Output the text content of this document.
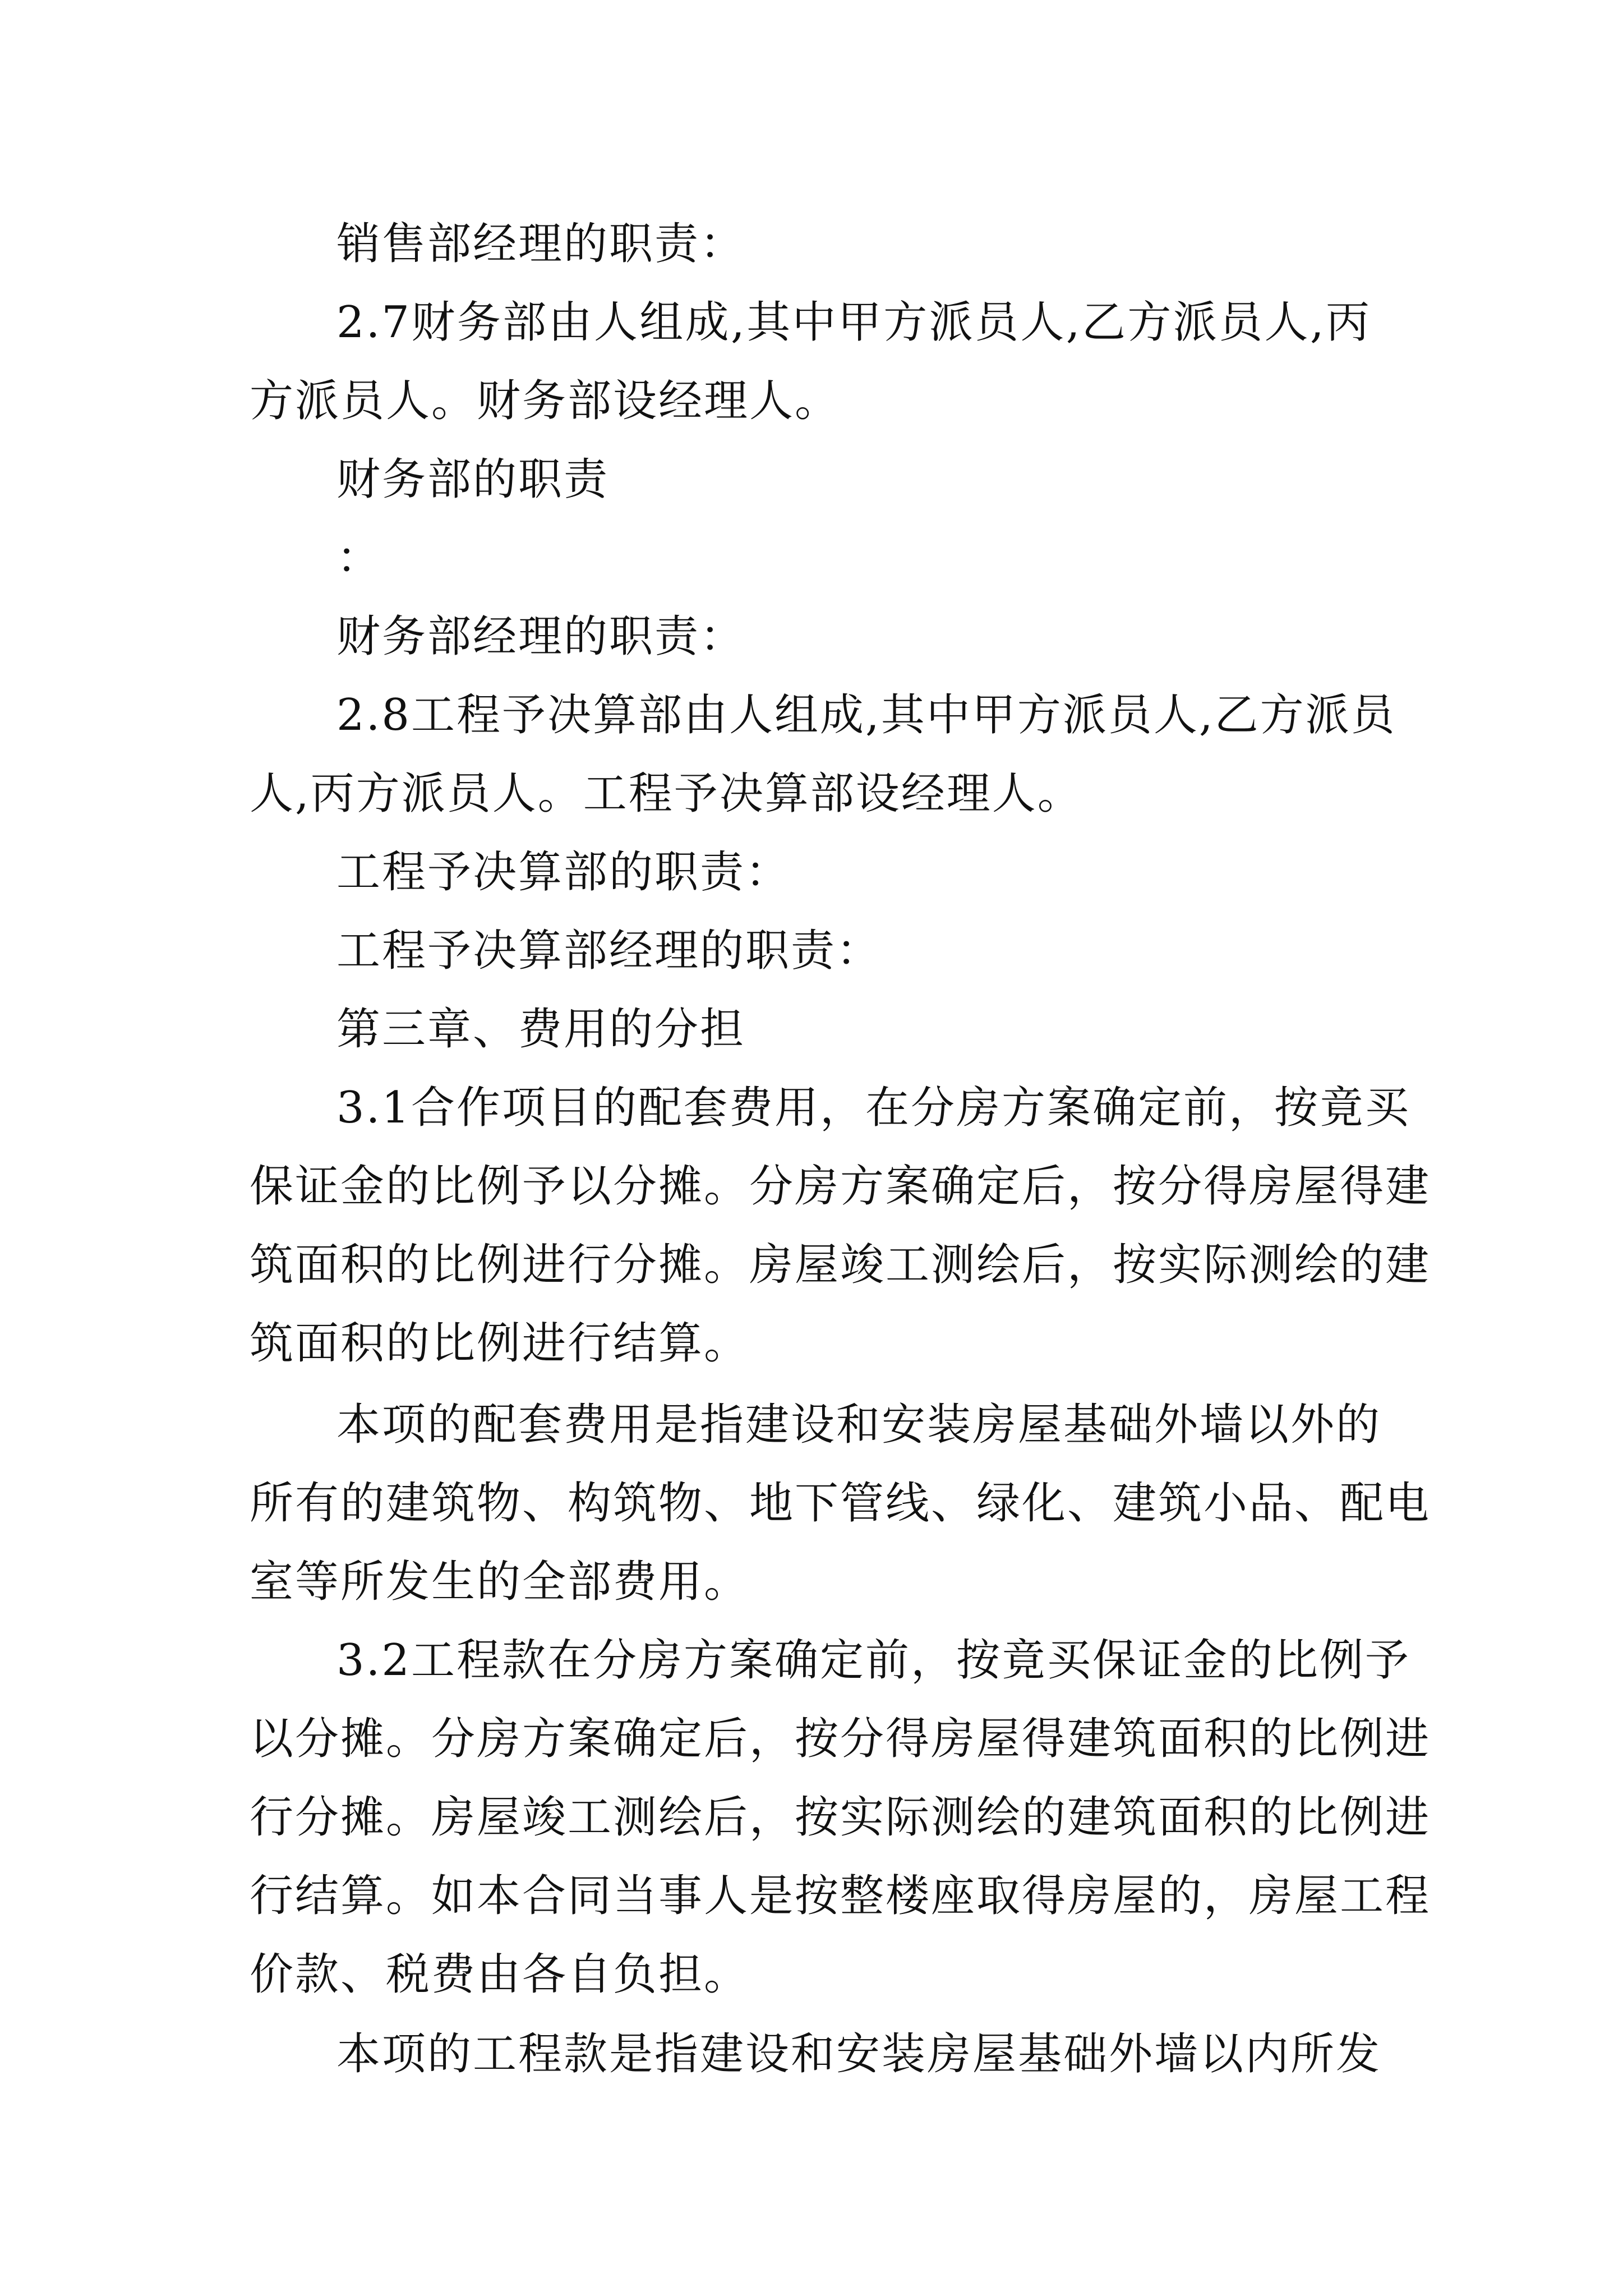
销售部经理的职责：

2.7财务部由人组成,其中甲方派员人,乙方派员人,丙

方派员人。财务部设经理人。

财务部的职责

：

财务部经理的职责：

2.8工程予决算部由人组成,其中甲方派员人,乙方派员

人,丙方派员人。工程予决算部设经理人。

工程予决算部的职责：

工程予决算部经理的职责：

第三章、费用的分担

3.1合作项目的配套费用，在分房方案确定前，按竟买

保证金的比例予以分摊。分房方案确定后，按分得房屋得建

筑面积的比例进行分摊。房屋竣工测绘后，按实际测绘的建

筑面积的比例进行结算。

本项的配套费用是指建设和安装房屋基础外墙以外的

所有的建筑物、构筑物、地下管线、绿化、建筑小品、配电

室等所发生的全部费用。

3.2工程款在分房方案确定前，按竟买保证金的比例予

以分摊。分房方案确定后，按分得房屋得建筑面积的比例进

行分摊。房屋竣工测绘后，按实际测绘的建筑面积的比例进

行结算。如本合同当事人是按整楼座取得房屋的，房屋工程

价款、税费由各自负担。

本项的工程款是指建设和安装房屋基础外墙以内所发
